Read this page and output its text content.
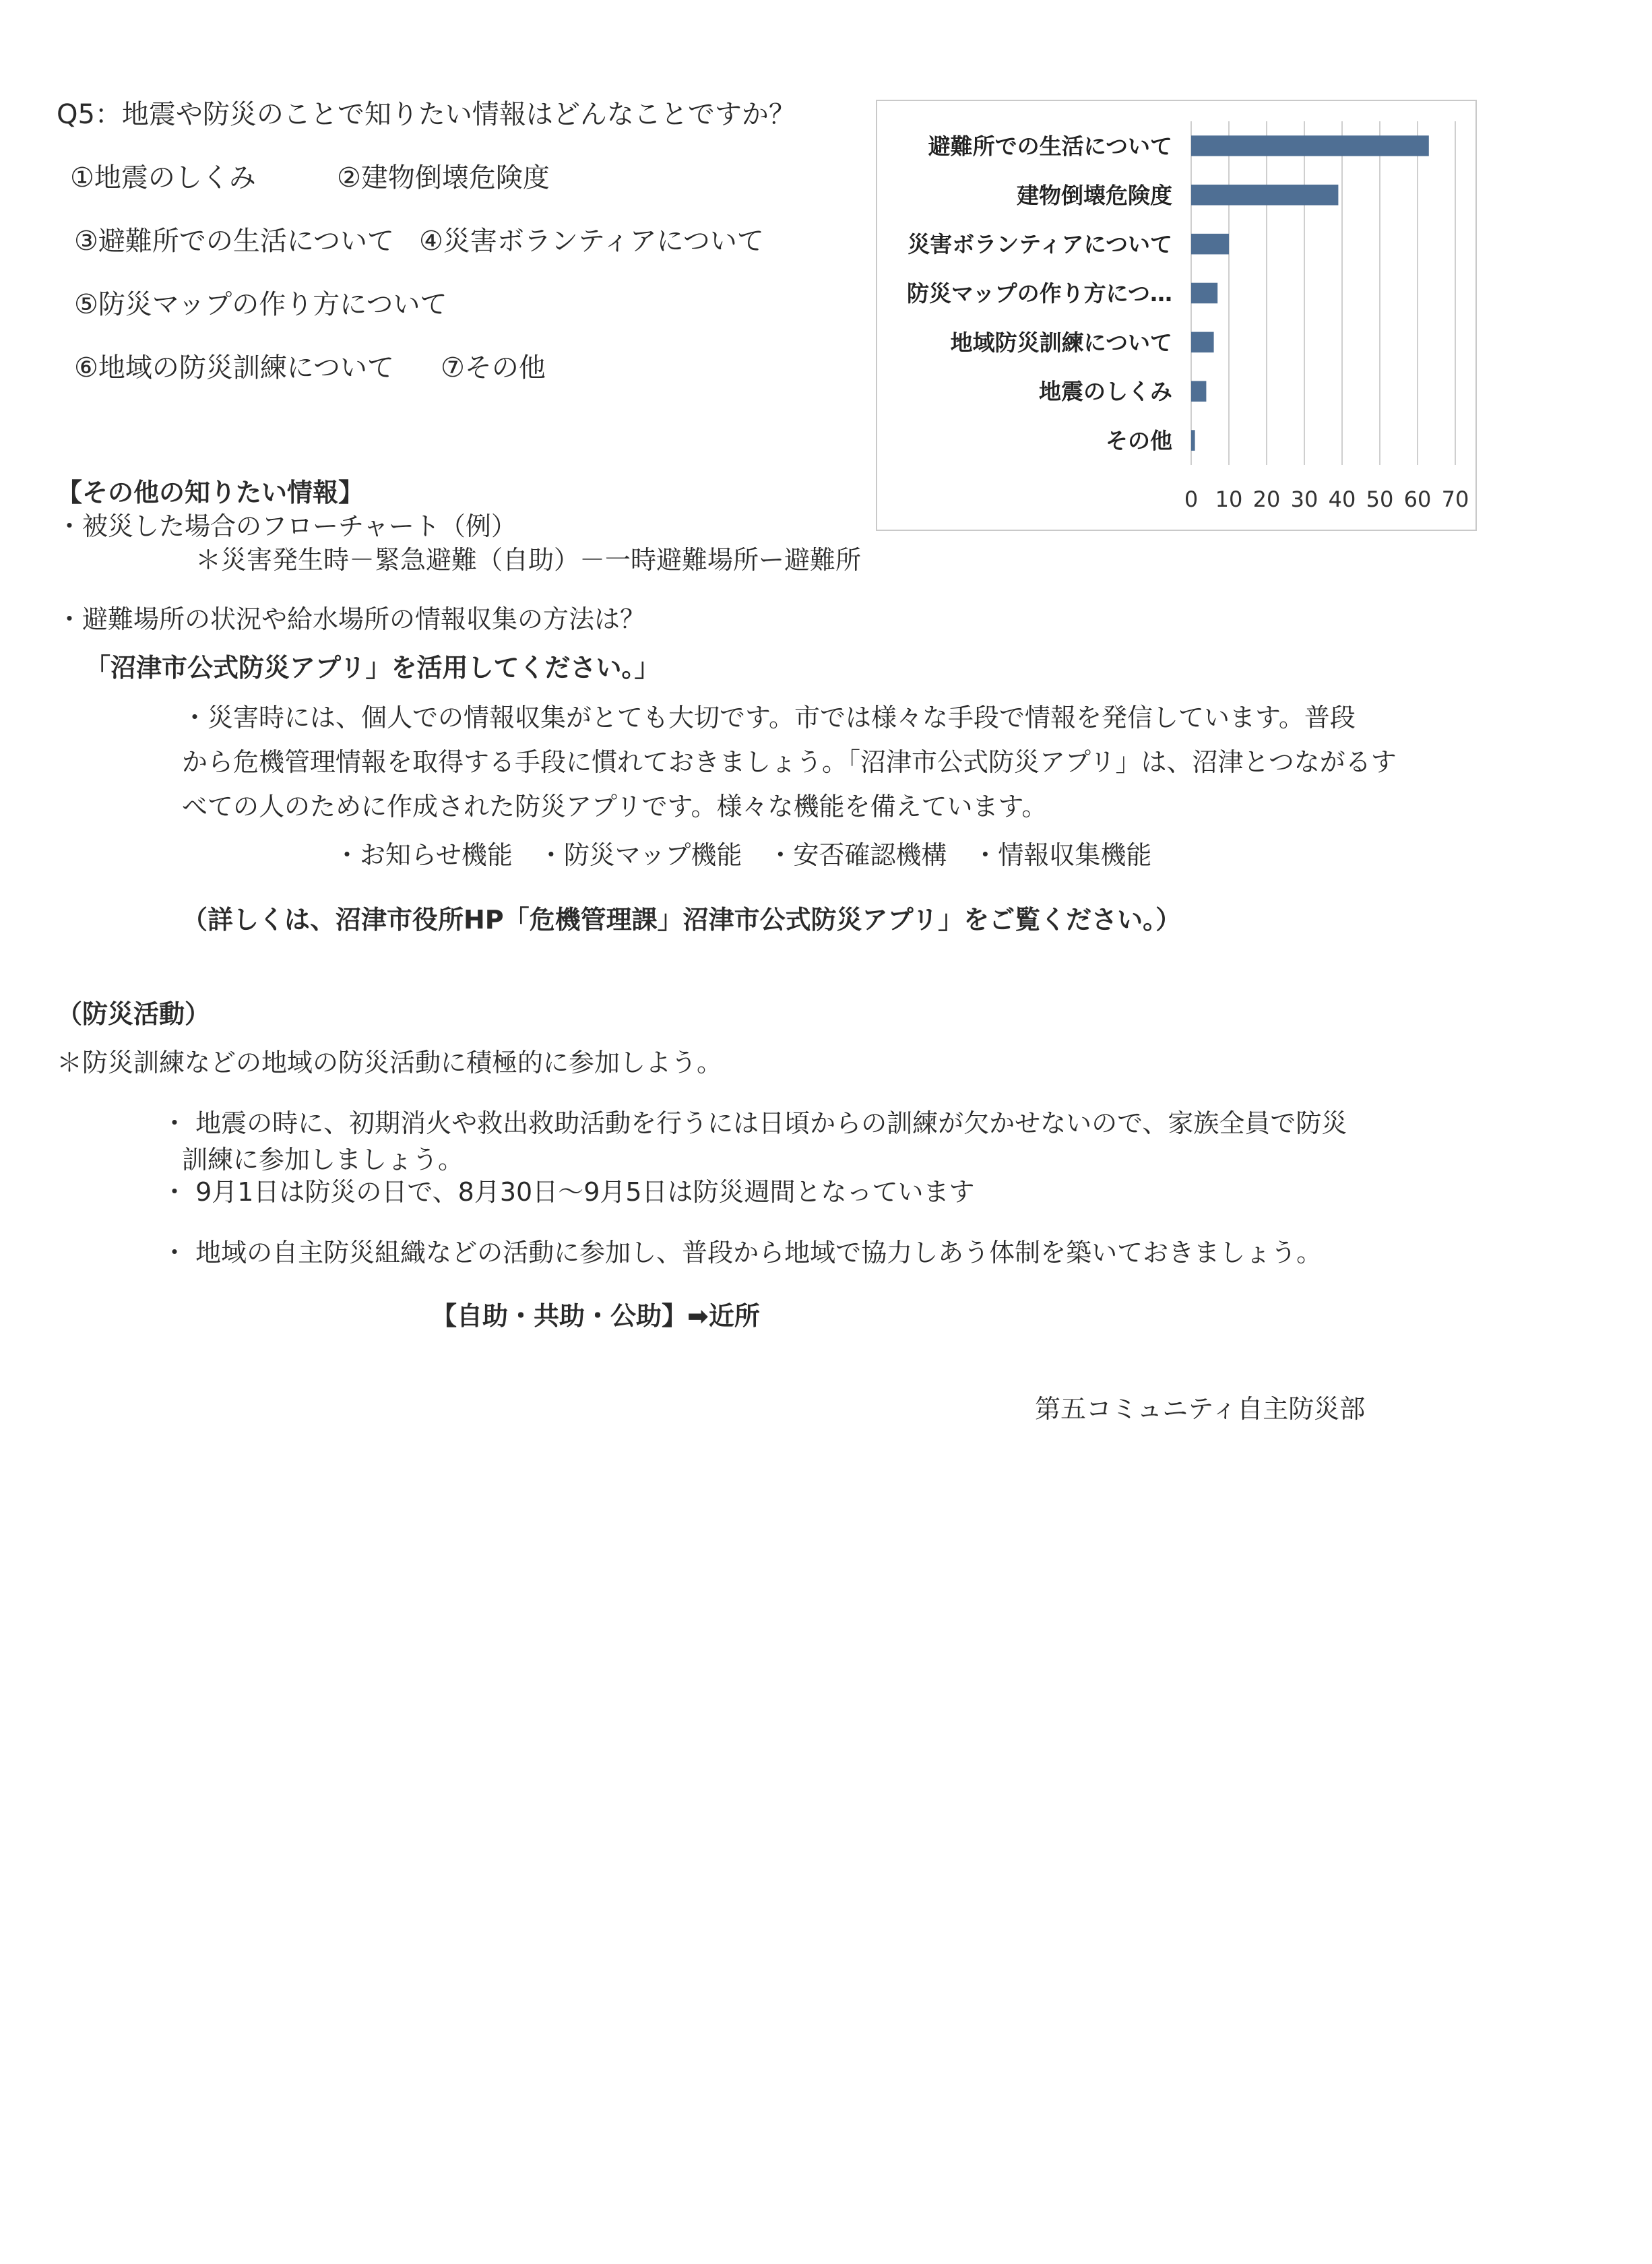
Q5：地震や防災のことで知りたい情報はどんなことですか？
①地震のしくみ	②建物倒壊危険度
③避難所での生活について ④災害ボランティアについて
⑤防災マップの作り方について
⑥地域の防災訓練について ⑦その他
0 10 20 30 40 50 60 70
避難所での生活について
建物倒壊危険度
災害ボランティアについて
防災マップの作り方につ…
地域防災訓練について
地震のしくみ
その他
【その他の知りたい情報】
・被災した場合のフローチャート（例）
＊災害発生時－緊急避難（自助）－一時避難場所ー避難所
・避難場所の状況や給水場所の情報収集の方法は？
「沼津市公式防災アプリ」を活用してください。」
・災害時には、個人での情報収集がとても大切です。市では様々な手段で情報を発信しています。普段
から危機管理情報を取得する手段に慣れておきましょう。「沼津市公式防災アプリ」は、沼津とつながるす
べての人のために作成された防災アプリです。様々な機能を備えています。
・お知らせ機能　・防災マップ機能　・安否確認機構　・情報収集機能
（詳しくは、沼津市役所HP「危機管理課」沼津市公式防災アプリ」をご覧ください。）
（防災活動）
＊防災訓練などの地域の防災活動に積極的に参加しよう。
・ 地震の時に、初期消火や救出救助活動を行うには日頃からの訓練が欠かせないので、家族全員で防災
訓練に参加しましょう。
・ 9月1日は防災の日で、8月30日～9月5日は防災週間となっています
・ 地域の自主防災組織などの活動に参加し、普段から地域で協力しあう体制を築いておきましょう。
【自助・共助・公助】➡近所
第五コミュニティ自主防災部
